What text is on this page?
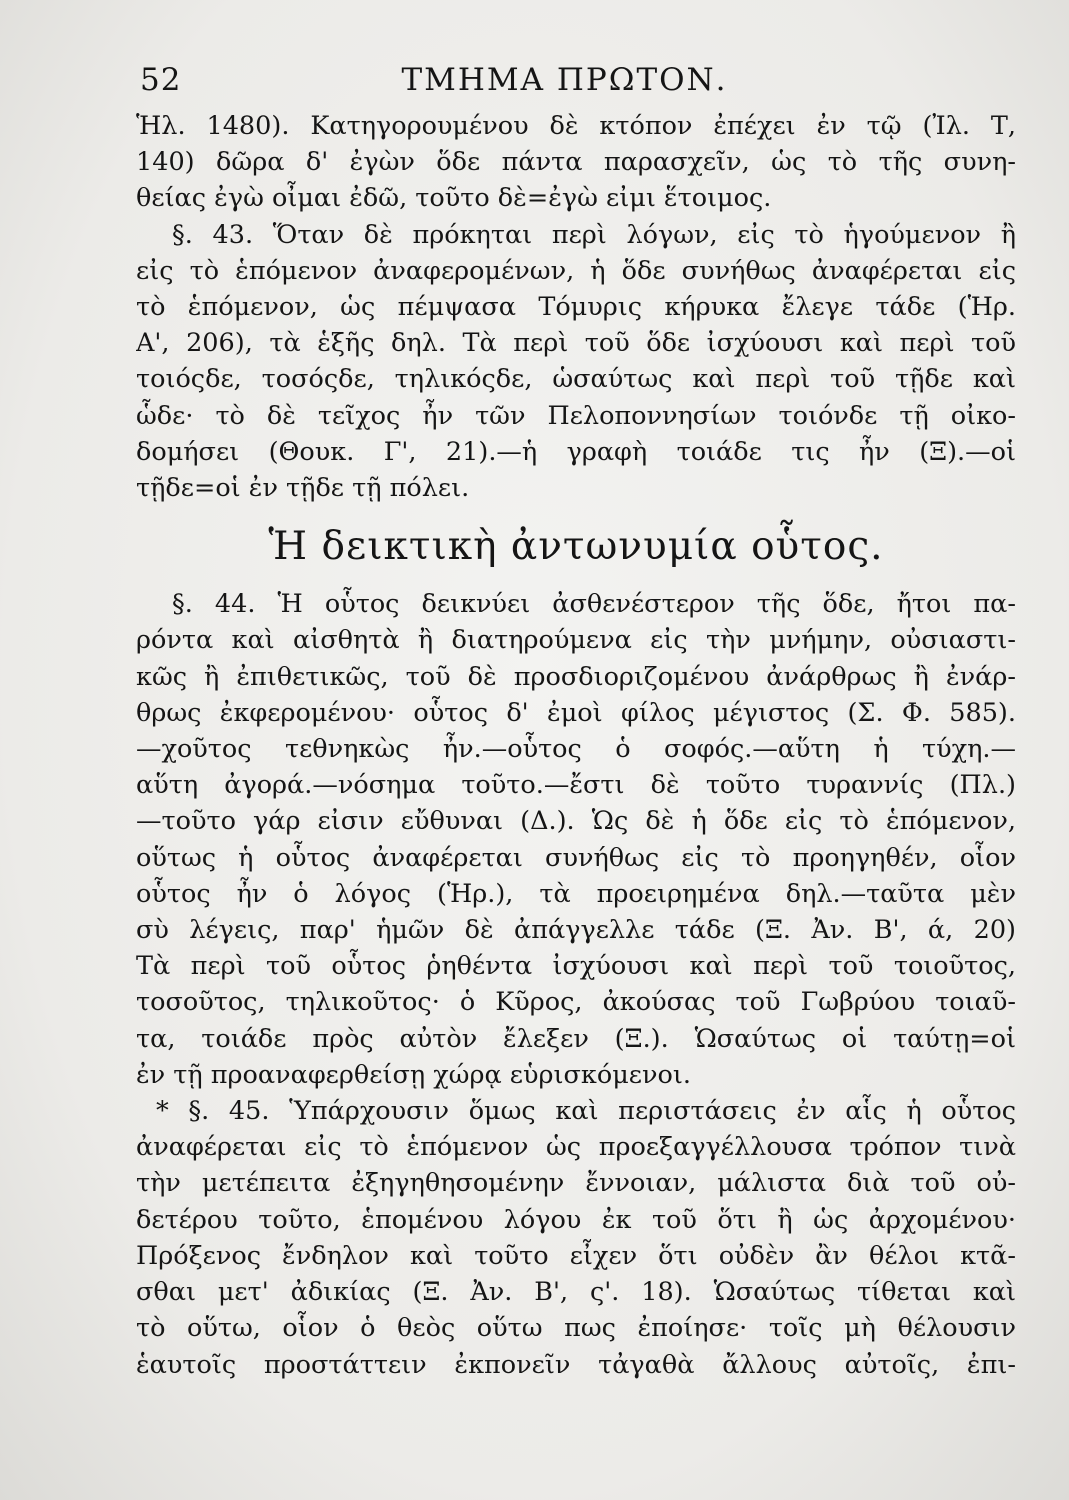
52	ΤΜΗΜΑ ΠΡΩΤΟΝ.
Ἡλ. 1480). Κατηγορουμένου δὲ κτόπον ἐπέχει ἐν τῷ (Ἰλ. Τ,
140) δῶρα δ' ἐγὼν ὅδε πάντα παρασχεῖν, ὡς τὸ τῆς συνη-
θείας ἐγὼ οἶμαι ἐδῶ, τοῦτο δὲ=ἐγὼ εἰμι ἕτοιμος.
§. 43. Ὅταν δὲ πρόκηται περὶ λόγων, εἰς τὸ ἡγούμενον ἢ
εἰς τὸ ἑπόμενον ἀναφερομένων, ἡ ὅδε συνήθως ἀναφέρεται εἰς
τὸ ἑπόμενον, ὡς πέμψασα Τόμυρις κήρυκα ἔλεγε τάδε (Ἡρ.
Α', 206), τὰ ἑξῆς δηλ. Τὰ περὶ τοῦ ὅδε ἰσχύουσι καὶ περὶ τοῦ
τοιόςδε, τοσόςδε, τηλικόςδε, ὡσαύτως καὶ περὶ τοῦ τῇδε καὶ
ὧδε· τὸ δὲ τεῖχος ἦν τῶν Πελοποννησίων τοιόνδε τῇ οἰκο-
δομήσει (Θουκ. Γ', 21).—ἡ γραφὴ τοιάδε τις ἦν (Ξ).—οἱ
τῇδε=οἱ ἐν τῇδε τῇ πόλει.
Ἡ δεικτικὴ ἀντωνυμία οὗτος.
§. 44. Ἡ οὗτος δεικνύει ἀσθενέστερον τῆς ὅδε, ἤτοι πα-
ρόντα καὶ αἰσθητὰ ἢ διατηρούμενα εἰς τὴν μνήμην, οὐσιαστι-
κῶς ἢ ἐπιθετικῶς, τοῦ δὲ προσδιοριζομένου ἀνάρθρως ἢ ἐνάρ-
θρως ἐκφερομένου· οὗτος δ' ἐμοὶ φίλος μέγιστος (Σ. Φ. 585).
—χοῦτος τεθνηκὼς ἦν.—οὗτος ὁ σοφός.—αὕτη ἡ τύχη.—
αὕτη ἀγορά.—νόσημα τοῦτο.—ἔστι δὲ τοῦτο τυραννίς (Πλ.)
—τοῦτο γάρ εἰσιν εὔθυναι (Δ.). Ὡς δὲ ἡ ὅδε εἰς τὸ ἑπόμενον,
οὕτως ἡ οὗτος ἀναφέρεται συνήθως εἰς τὸ προηγηθέν, οἷον
οὗτος ἦν ὁ λόγος (Ἡρ.), τὰ προειρημένα δηλ.—ταῦτα μὲν
σὺ λέγεις, παρ' ἡμῶν δὲ ἀπάγγελλε τάδε (Ξ. Ἀν. Β', ά, 20)
Τὰ περὶ τοῦ οὗτος ῥηθέντα ἰσχύουσι καὶ περὶ τοῦ τοιοῦτος,
τοσοῦτος, τηλικοῦτος· ὁ Κῦρος, ἀκούσας τοῦ Γωβρύου τοιαῦ-
τα, τοιάδε πρὸς αὐτὸν ἔλεξεν (Ξ.). Ὡσαύτως οἱ ταύτῃ=οἱ
ἐν τῇ προαναφερθείσῃ χώρᾳ εὑρισκόμενοι.
* §. 45. Ὑπάρχουσιν ὅμως καὶ περιστάσεις ἐν αἷς ἡ οὗτος
ἀναφέρεται εἰς τὸ ἑπόμενον ὡς προεξαγγέλλουσα τρόπον τινὰ
τὴν μετέπειτα ἐξηγηθησομένην ἔννοιαν, μάλιστα διὰ τοῦ οὐ-
δετέρου τοῦτο, ἑπομένου λόγου ἐκ τοῦ ὅτι ἢ ὡς ἀρχομένου·
Πρόξενος ἔνδηλον καὶ τοῦτο εἶχεν ὅτι οὐδὲν ἂν θέλοι κτᾶ-
σθαι μετ' ἀδικίας (Ξ. Ἀν. Β', ς'. 18). Ὡσαύτως τίθεται καὶ
τὸ οὕτω, οἷον ὁ θεὸς οὕτω πως ἐποίησε· τοῖς μὴ θέλουσιν
ἑαυτοῖς προστάττειν ἐκπονεῖν τἀγαθὰ ἄλλους αὐτοῖς, ἐπι-
